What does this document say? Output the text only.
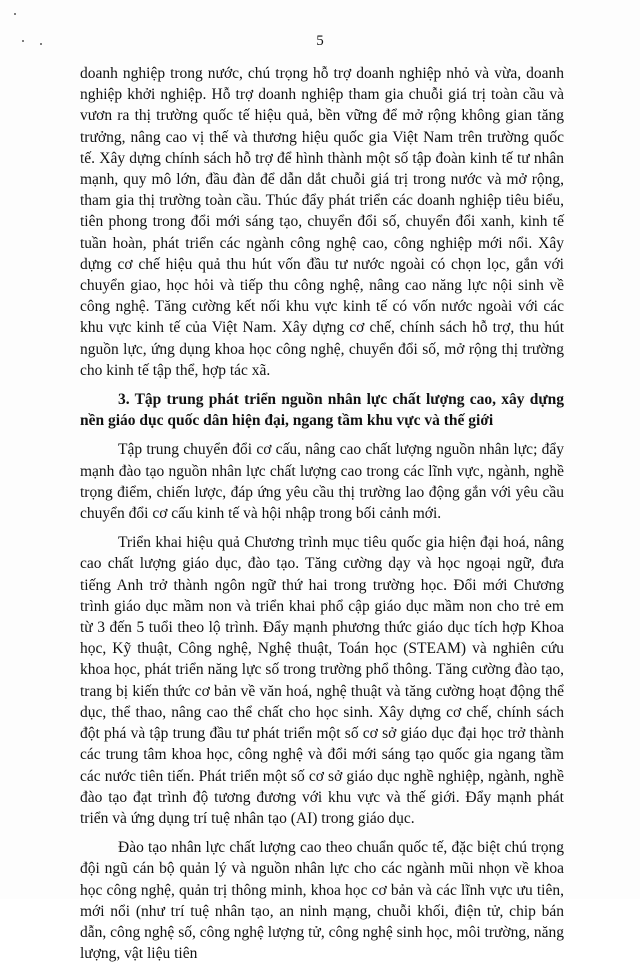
5

doanh nghiệp trong nước, chú trọng hỗ trợ doanh nghiệp nhỏ và vừa, doanh nghiệp khởi nghiệp. Hỗ trợ doanh nghiệp tham gia chuỗi giá trị toàn cầu và vươn ra thị trường quốc tế hiệu quả, bền vững để mở rộng không gian tăng trưởng, nâng cao vị thế và thương hiệu quốc gia Việt Nam trên trường quốc tế. Xây dựng chính sách hỗ trợ để hình thành một số tập đoàn kinh tế tư nhân mạnh, quy mô lớn, đầu đàn để dẫn dắt chuỗi giá trị trong nước và mở rộng, tham gia thị trường toàn cầu. Thúc đẩy phát triển các doanh nghiệp tiêu biểu, tiên phong trong đổi mới sáng tạo, chuyển đổi số, chuyển đổi xanh, kinh tế tuần hoàn, phát triển các ngành công nghệ cao, công nghiệp mới nổi. Xây dựng cơ chế hiệu quả thu hút vốn đầu tư nước ngoài có chọn lọc, gắn với chuyển giao, học hỏi và tiếp thu công nghệ, nâng cao năng lực nội sinh về công nghệ. Tăng cường kết nối khu vực kinh tế có vốn nước ngoài với các khu vực kinh tế của Việt Nam. Xây dựng cơ chế, chính sách hỗ trợ, thu hút nguồn lực, ứng dụng khoa học công nghệ, chuyển đổi số, mở rộng thị trường cho kinh tế tập thể, hợp tác xã.

3. Tập trung phát triển nguồn nhân lực chất lượng cao, xây dựng nền giáo dục quốc dân hiện đại, ngang tầm khu vực và thế giới

Tập trung chuyển đổi cơ cấu, nâng cao chất lượng nguồn nhân lực; đẩy mạnh đào tạo nguồn nhân lực chất lượng cao trong các lĩnh vực, ngành, nghề trọng điểm, chiến lược, đáp ứng yêu cầu thị trường lao động gắn với yêu cầu chuyển đổi cơ cấu kinh tế và hội nhập trong bối cảnh mới.

Triển khai hiệu quả Chương trình mục tiêu quốc gia hiện đại hoá, nâng cao chất lượng giáo dục, đào tạo. Tăng cường dạy và học ngoại ngữ, đưa tiếng Anh trở thành ngôn ngữ thứ hai trong trường học. Đổi mới Chương trình giáo dục mầm non và triển khai phổ cập giáo dục mầm non cho trẻ em từ 3 đến 5 tuổi theo lộ trình. Đẩy mạnh phương thức giáo dục tích hợp Khoa học, Kỹ thuật, Công nghệ, Nghệ thuật, Toán học (STEAM) và nghiên cứu khoa học, phát triển năng lực số trong trường phổ thông. Tăng cường đào tạo, trang bị kiến thức cơ bản về văn hoá, nghệ thuật và tăng cường hoạt động thể dục, thể thao, nâng cao thể chất cho học sinh. Xây dựng cơ chế, chính sách đột phá và tập trung đầu tư phát triển một số cơ sở giáo dục đại học trở thành các trung tâm khoa học, công nghệ và đổi mới sáng tạo quốc gia ngang tầm các nước tiên tiến. Phát triển một số cơ sở giáo dục nghề nghiệp, ngành, nghề đào tạo đạt trình độ tương đương với khu vực và thế giới. Đẩy mạnh phát triển và ứng dụng trí tuệ nhân tạo (AI) trong giáo dục.

Đào tạo nhân lực chất lượng cao theo chuẩn quốc tế, đặc biệt chú trọng đội ngũ cán bộ quản lý và nguồn nhân lực cho các ngành mũi nhọn về khoa học công nghệ, quản trị thông minh, khoa học cơ bản và các lĩnh vực ưu tiên, mới nổi (như trí tuệ nhân tạo, an ninh mạng, chuỗi khối, điện tử, chip bán dẫn, công nghệ số, công nghệ lượng tử, công nghệ sinh học, môi trường, năng lượng, vật liệu tiên
